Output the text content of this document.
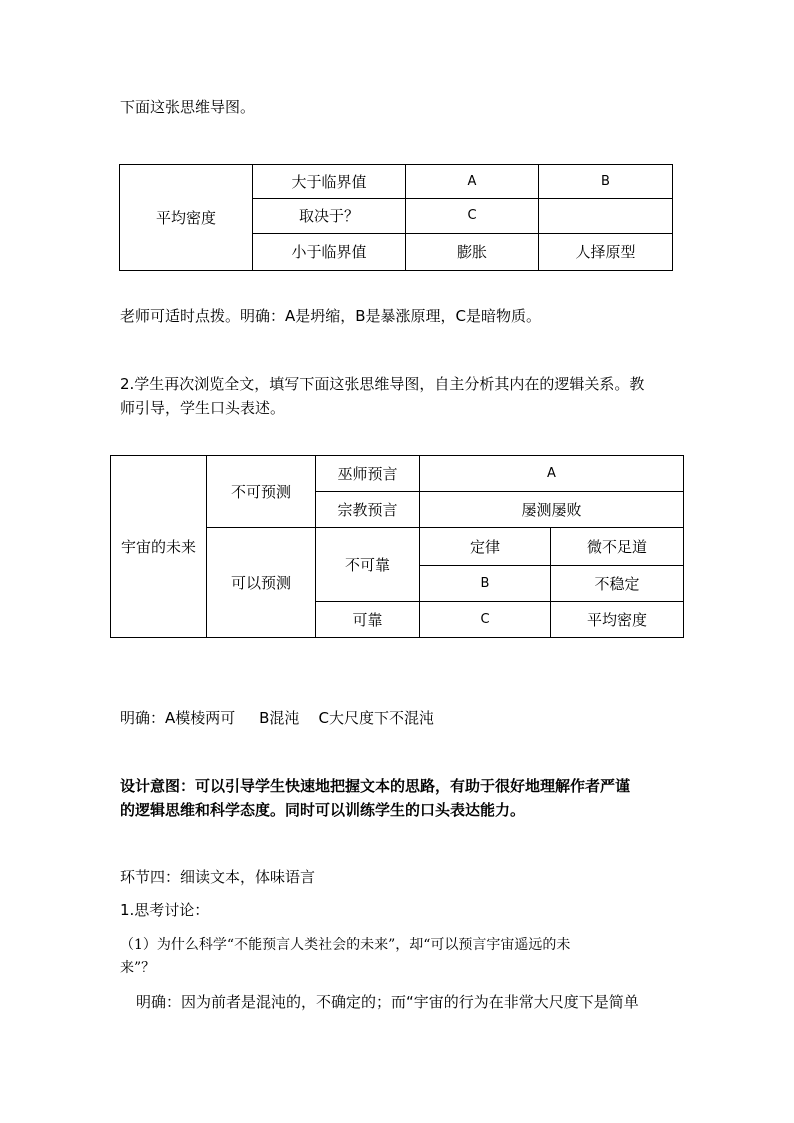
下面这张思维导图。
平均密度	大于临界值	A	B
	取决于？	C	
	小于临界值	膨胀	人择原型
老师可适时点拨。明确：A是坍缩，B是暴涨原理，C是暗物质。
2.学生再次浏览全文，填写下面这张思维导图，自主分析其内在的逻辑关系。教
师引导，学生口头表述。
宇宙的未来	不可预测	巫师预言	A	
		宗教预言	屡测屡败	
	可以预测	不可靠	定律	微不足道
			B	不稳定
		可靠	C	平均密度
明确：A模棱两可     B混沌    C大尺度下不混沌
设计意图：可以引导学生快速地把握文本的思路，有助于很好地理解作者严谨
的逻辑思维和科学态度。同时可以训练学生的口头表达能力。
环节四：细读文本，体味语言
1.思考讨论：
（1）为什么科学“不能预言人类社会的未来”，却“可以预言宇宙遥远的未
来”？
明确：因为前者是混沌的，不确定的；而“宇宙的行为在非常大尺度下是简单
